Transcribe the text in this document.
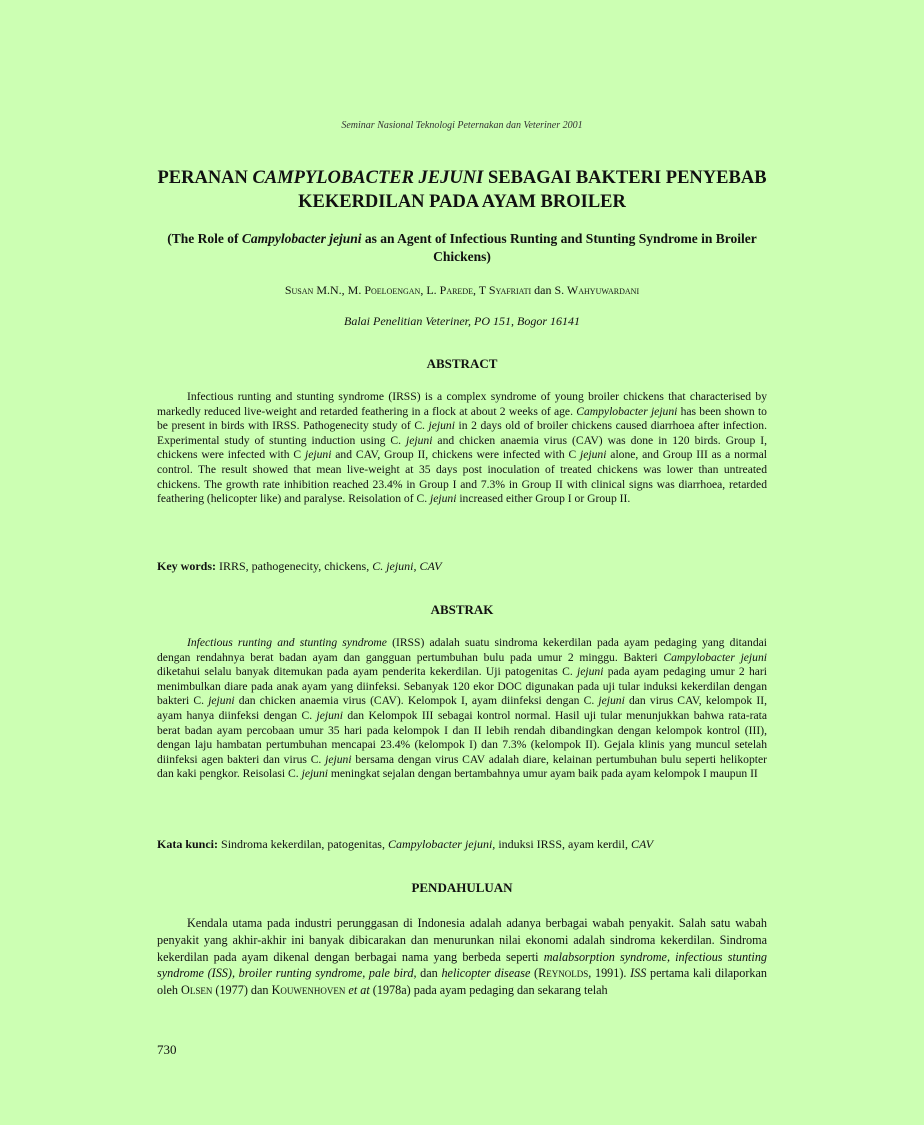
Seminar Nasional Teknologi Peternakan dan Veteriner 2001
PERANAN CAMPYLOBACTER JEJUNI SEBAGAI BAKTERI PENYEBAB KEKERDILAN PADA AYAM BROILER
(The Role of Campylobacter jejuni as an Agent of Infectious Runting and Stunting Syndrome in Broiler Chickens)
Susan M.N., M. Poeloengan, L. Parede, T Syafriati dan S. Wahyuwardani
Balai Penelitian Veteriner, PO 151, Bogor 16141
ABSTRACT

Infectious runting and stunting syndrome (IRSS) is a complex syndrome of young broiler chickens that characterised by markedly reduced live-weight and retarded feathering in a flock at about 2 weeks of age. Campylobacter jejuni has been shown to be present in birds with IRSS. Pathogenecity study of C. jejuni in 2 days old of broiler chickens caused diarrhoea after infection. Experimental study of stunting induction using C. jejuni and chicken anaemia virus (CAV) was done in 120 birds. Group I, chickens were infected with C jejuni and CAV, Group II, chickens were infected with C jejuni alone, and Group III as a normal control. The result showed that mean live-weight at 35 days post inoculation of treated chickens was lower than untreated chickens. The growth rate inhibition reached 23.4% in Group I and 7.3% in Group II with clinical signs was diarrhoea, retarded feathering (helicopter like) and paralyse. Reisolation of C. jejuni increased either Group I or Group II.

Key words: IRRS, pathogenecity, chickens, C. jejuni, CAV

ABSTRAK

Infectious runting and stunting syndrome (IRSS) adalah suatu sindroma kekerdilan pada ayam pedaging yang ditandai dengan rendahnya berat badan ayam dan gangguan pertumbuhan bulu pada umur 2 minggu. Bakteri Campylobacter jejuni diketahui selalu banyak ditemukan pada ayam penderita kekerdilan. Uji patogenitas C. jejuni pada ayam pedaging umur 2 hari menimbulkan diare pada anak ayam yang diinfeksi. Sebanyak 120 ekor DOC digunakan pada uji tular induksi kekerdilan dengan bakteri C. jejuni dan chicken anaemia virus (CAV). Kelompok I, ayam diinfeksi dengan C. jejuni dan virus CAV, kelompok II, ayam hanya diinfeksi dengan C. jejuni dan Kelompok III sebagai kontrol normal. Hasil uji tular menunjukkan bahwa rata-rata berat badan ayam percobaan umur 35 hari pada kelompok I dan II lebih rendah dibandingkan dengan kelompok kontrol (III), dengan laju hambatan pertumbuhan mencapai 23.4% (kelompok I) dan 7.3% (kelompok II). Gejala klinis yang muncul setelah diinfeksi agen bakteri dan virus C. jejuni bersama dengan virus CAV adalah diare, kelainan pertumbuhan bulu seperti helikopter dan kaki pengkor. Reisolasi C. jejuni meningkat sejalan dengan bertambahnya umur ayam baik pada ayam kelompok I maupun II

Kata kunci: Sindroma kekerdilan, patogenitas, Campylobacter jejuni, induksi IRSS, ayam kerdil, CAV

PENDAHULUAN

Kendala utama pada industri perunggasan di Indonesia adalah adanya berbagai wabah penyakit. Salah satu wabah penyakit yang akhir-akhir ini banyak dibicarakan dan menurunkan nilai ekonomi adalah sindroma kekerdilan. Sindroma kekerdilan pada ayam dikenal dengan berbagai nama yang berbeda seperti malabsorption syndrome, infectious stunting syndrome (ISS), broiler runting syndrome, pale bird, dan helicopter disease (Reynolds, 1991). ISS pertama kali dilaporkan oleh Olsen (1977) dan Kouwenhoven et at (1978a) pada ayam pedaging dan sekarang telah

730
